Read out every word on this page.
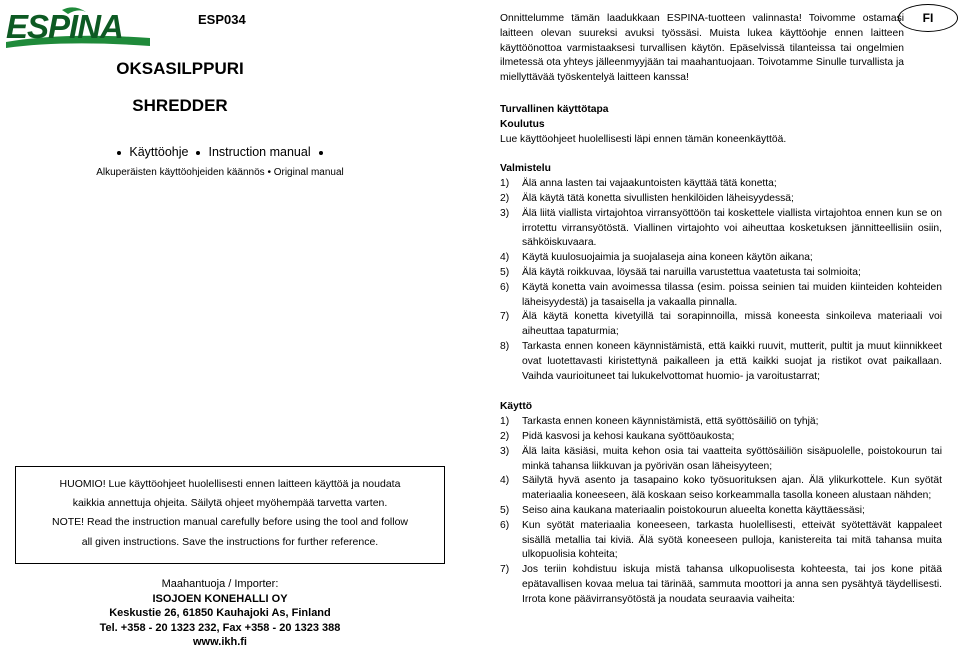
ESPINA	ESP034
OKSASILPPURI
SHREDDER
Käyttöohje Instruction manual
Alkuperäisten käyttöohjeiden käännös • Original manual

HUOMIO! Lue käyttöohjeet huolellisesti ennen laitteen käyttöä ja noudata

kaikkia annettuja ohjeita. Säilytä ohjeet myöhempää tarvetta varten.

NOTE! Read the instruction manual carefully before using the tool and follow

all given instructions. Save the instructions for further reference.

Maahantuoja / Importer:
ISOJOEN KONEHALLI OY
Keskustie 26, 61850 Kauhajoki As, Finland
Tel. +358 - 20 1323 232, Fax +358 - 20 1323 388
www.ikh.fi
FI

Onnittelumme tämän laadukkaan ESPINA-tuotteen valinnasta! Toivomme ostamasi laitteen olevan suureksi avuksi työssäsi. Muista lukea käyttöohje ennen laitteen käyttöönottoa varmistaaksesi turvallisen käytön. Epäselvissä tilanteissa tai ongelmien ilmetessä ota yhteys jälleenmyyjään tai maahantuojaan. Toivotamme Sinulle turvallista ja miellyttävää työskentelyä laitteen kanssa!

Turvallinen käyttötapa

Koulutus

Lue käyttöohjeet huolellisesti läpi ennen tämän koneenkäyttöä.

Valmistelu

1) Älä anna lasten tai vajaakuntoisten käyttää tätä konetta;
2) Älä käytä tätä konetta sivullisten henkilöiden läheisyydessä;
3) Älä liitä viallista virtajohtoa virransyöttöön tai koskettele viallista virtajohtoa ennen kun se on irrotettu virransyötöstä. Viallinen virtajohto voi aiheuttaa kosketuksen jännitteellisiin osiin, sähköiskuvaara.
4) Käytä kuulosuojaimia ja suojalaseja aina koneen käytön aikana;
5) Älä käytä roikkuvaa, löysää tai naruilla varustettua vaatetusta tai solmioita;
6) Käytä konetta vain avoimessa tilassa (esim. poissa seinien tai muiden kiinteiden kohteiden läheisyydestä) ja tasaisella ja vakaalla pinnalla.
7) Älä käytä konetta kivetyillä tai sorapinnoilla, missä koneesta sinkoileva materiaali voi aiheuttaa tapaturmia;
8) Tarkasta ennen koneen käynnistämistä, että kaikki ruuvit, mutterit, pultit ja muut kiinnikkeet ovat luotettavasti kiristettynä paikalleen ja että kaikki suojat ja ristikot ovat paikallaan. Vaihda vaurioituneet tai lukukelvottomat huomio- ja varoitustarrat;

Käyttö

1) Tarkasta ennen koneen käynnistämistä, että syöttösäiliö on tyhjä;
2) Pidä kasvosi ja kehosi kaukana syöttöaukosta;
3) Älä laita käsiäsi, muita kehon osia tai vaatteita syöttösäiliön sisäpuolelle, poistokourun tai minkä tahansa liikkuvan ja pyörivän osan läheisyyteen;
4) Säilytä hyvä asento ja tasapaino koko työsuorituksen ajan. Älä ylikurkottele. Kun syötät materiaalia koneeseen, älä koskaan seiso korkeammalla tasolla koneen alustaan nähden;
5) Seiso aina kaukana materiaalin poistokourun alueelta konetta käyttäessäsi;
6) Kun syötät materiaalia koneeseen, tarkasta huolellisesti, etteivät syötettävät kappaleet sisällä metallia tai kiviä. Älä syötä koneeseen pulloja, kanistereita tai mitä tahansa muita ulkopuolisia kohteita;
7) Jos teriin kohdistuu iskuja mistä tahansa ulkopuolisesta kohteesta, tai jos kone pitää epätavallisen kovaa melua tai tärinää, sammuta moottori ja anna sen pysähtyä täydellisesti. Irrota kone päävirransyötöstä ja noudata seuraavia vaiheita:
